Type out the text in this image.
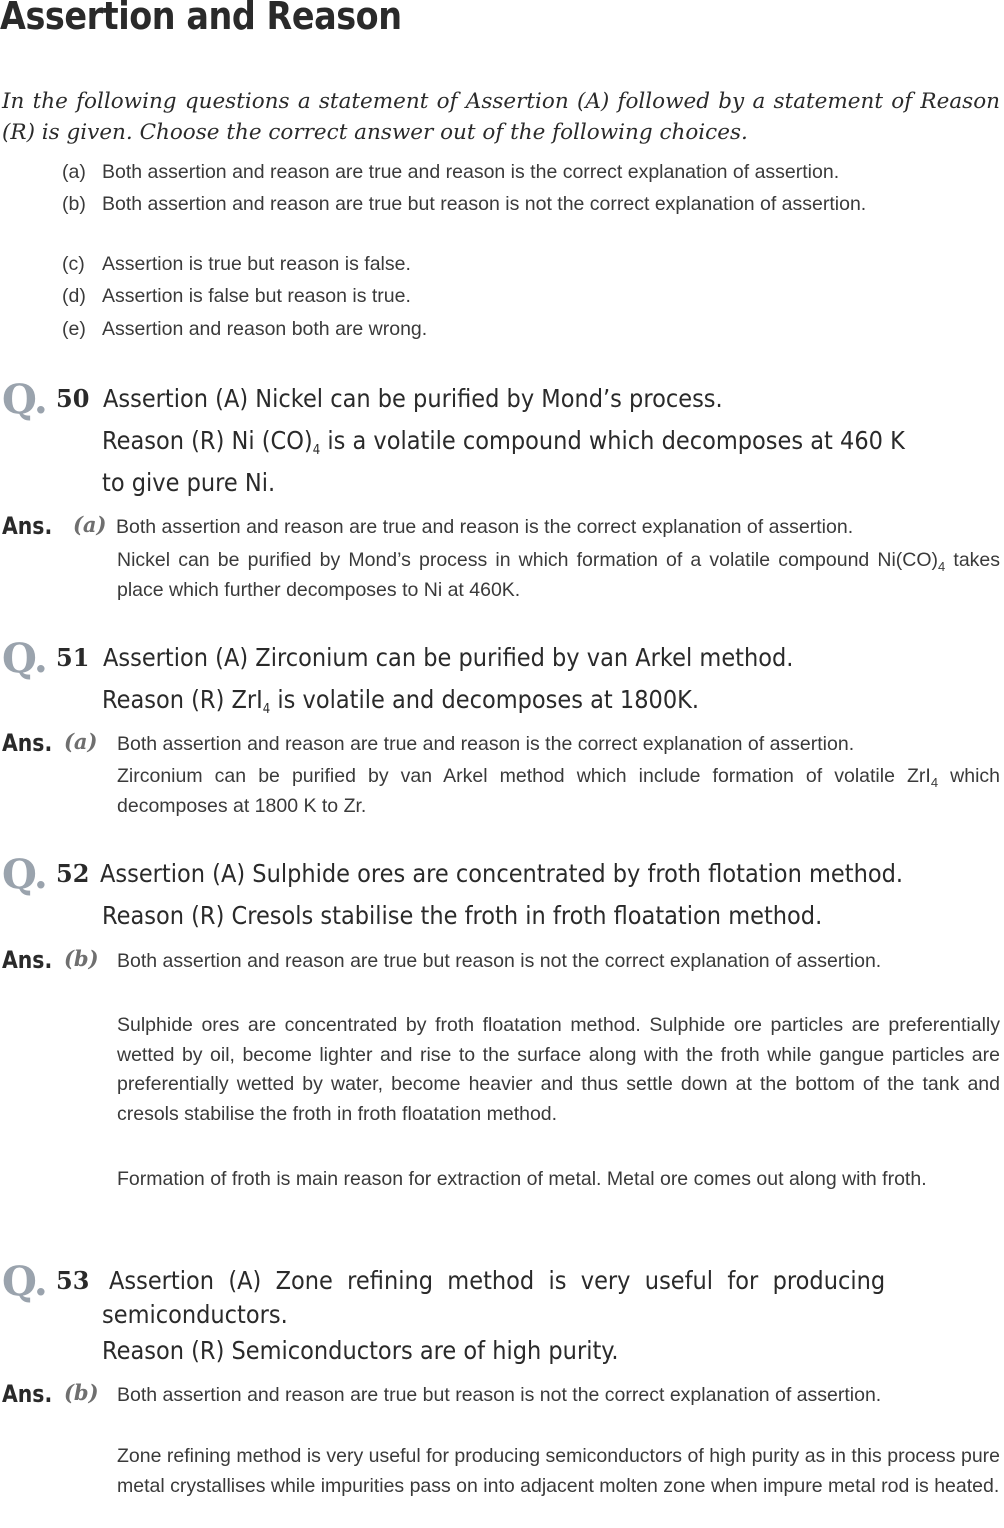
Assertion and Reason

In the following questions a statement of Assertion (A) followed by a statement of Reason (R) is given. Choose the correct answer out of the following choices.

(a) Both assertion and reason are true and reason is the correct explanation of assertion.
(b) Both assertion and reason are true but reason is not the correct explanation of assertion.
(c) Assertion is true but reason is false.
(d) Assertion is false but reason is true.
(e) Assertion and reason both are wrong.
Q. 50 Assertion (A) Nickel can be purified by Mond’s process.
Reason (R) Ni $(CO)_4$ is a volatile compound which decomposes at 460 K
to give pure Ni.
Ans. (a) Both assertion and reason are true and reason is the correct explanation of assertion.

Nickel can be purified by Mond’s process in which formation of a volatile compound $Ni(CO)_4$ takes place which further decomposes to Ni at 460K.

Q. 51 Assertion (A) Zirconium can be purified by van Arkel method.
Reason (R) ZrI$_4$ is volatile and decomposes at 1800K.
Ans. (a) Both assertion and reason are true and reason is the correct explanation of assertion.

Zirconium can be purified by van Arkel method which include formation of volatile ZrI$_4$ which decomposes at 1800 K to Zr.

Q. 52 Assertion (A) Sulphide ores are concentrated by froth flotation method.
Reason (R) Cresols stabilise the froth in froth floatation method.
Ans. (b) Both assertion and reason are true but reason is not the correct explanation of assertion.

Sulphide ores are concentrated by froth floatation method. Sulphide ore particles are preferentially wetted by oil, become lighter and rise to the surface along with the froth while gangue particles are preferentially wetted by water, become heavier and thus settle down at the bottom of the tank and cresols stabilise the froth in froth floatation method.

Formation of froth is main reason for extraction of metal. Metal ore comes out along with froth.

Q. 53 Assertion  (A)  Zone  refining  method  is  very  useful  for  producing
semiconductors.
Reason (R) Semiconductors are of high purity.
Ans. (b) Both assertion and reason are true but reason is not the correct explanation of assertion.

Zone refining method is very useful for producing semiconductors of high purity as in this process pure metal crystallises while impurities pass on into adjacent molten zone when impure metal rod is heated.
